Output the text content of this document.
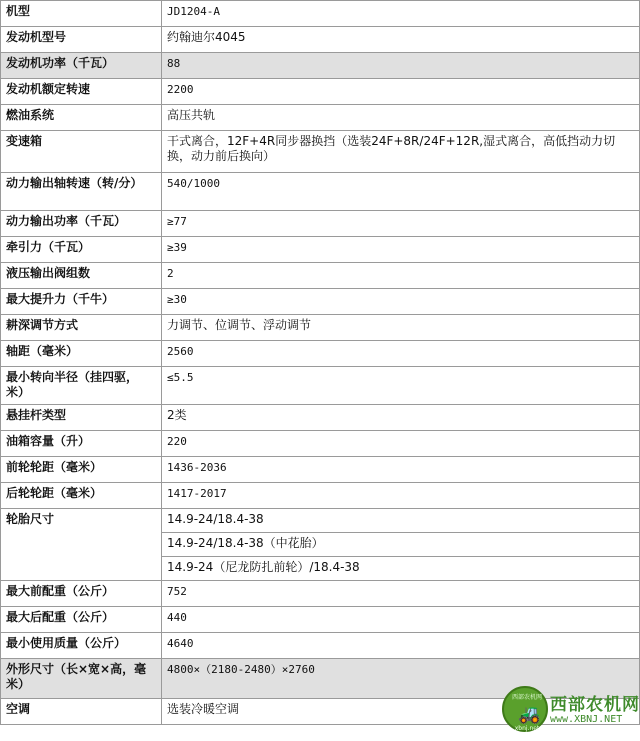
机型	JD1204-A
发动机型号	约翰迪尔4045
发动机功率（千瓦）	88
发动机额定转速	2200
燃油系统	高压共轨
变速箱	干式离合，12F+4R同步器换挡（选装24F+8R/24F+12R,湿式离合，高低挡动力切换，动力前后换向）
动力输出轴转速（转/分）	540/1000
动力输出功率（千瓦）	≥77
牵引力（千瓦）	≥39
液压输出阀组数	2
最大提升力（千牛）	≥30
耕深调节方式	力调节、位调节、浮动调节
轴距（毫米）	2560
最小转向半径（挂四驱，米）	≤5.5
悬挂杆类型	2类
油箱容量（升）	220
前轮轮距（毫米）	1436-2036
后轮轮距（毫米）	1417-2017
轮胎尺寸	14.9-24/18.4-38
	14.9-24/18.4-38（中花胎）
	14.9-24（尼龙防扎前轮）/18.4-38
最大前配重（公斤）	752
最大后配重（公斤）	440
最小使用质量（公斤）	4640
外形尺寸（长×宽×高，毫米）	4800×（2180-2480）×2760
空调	选装冷暖空调
西部农机网
🚜
xbnj.net
西部农机网
www.XBNJ.NET
